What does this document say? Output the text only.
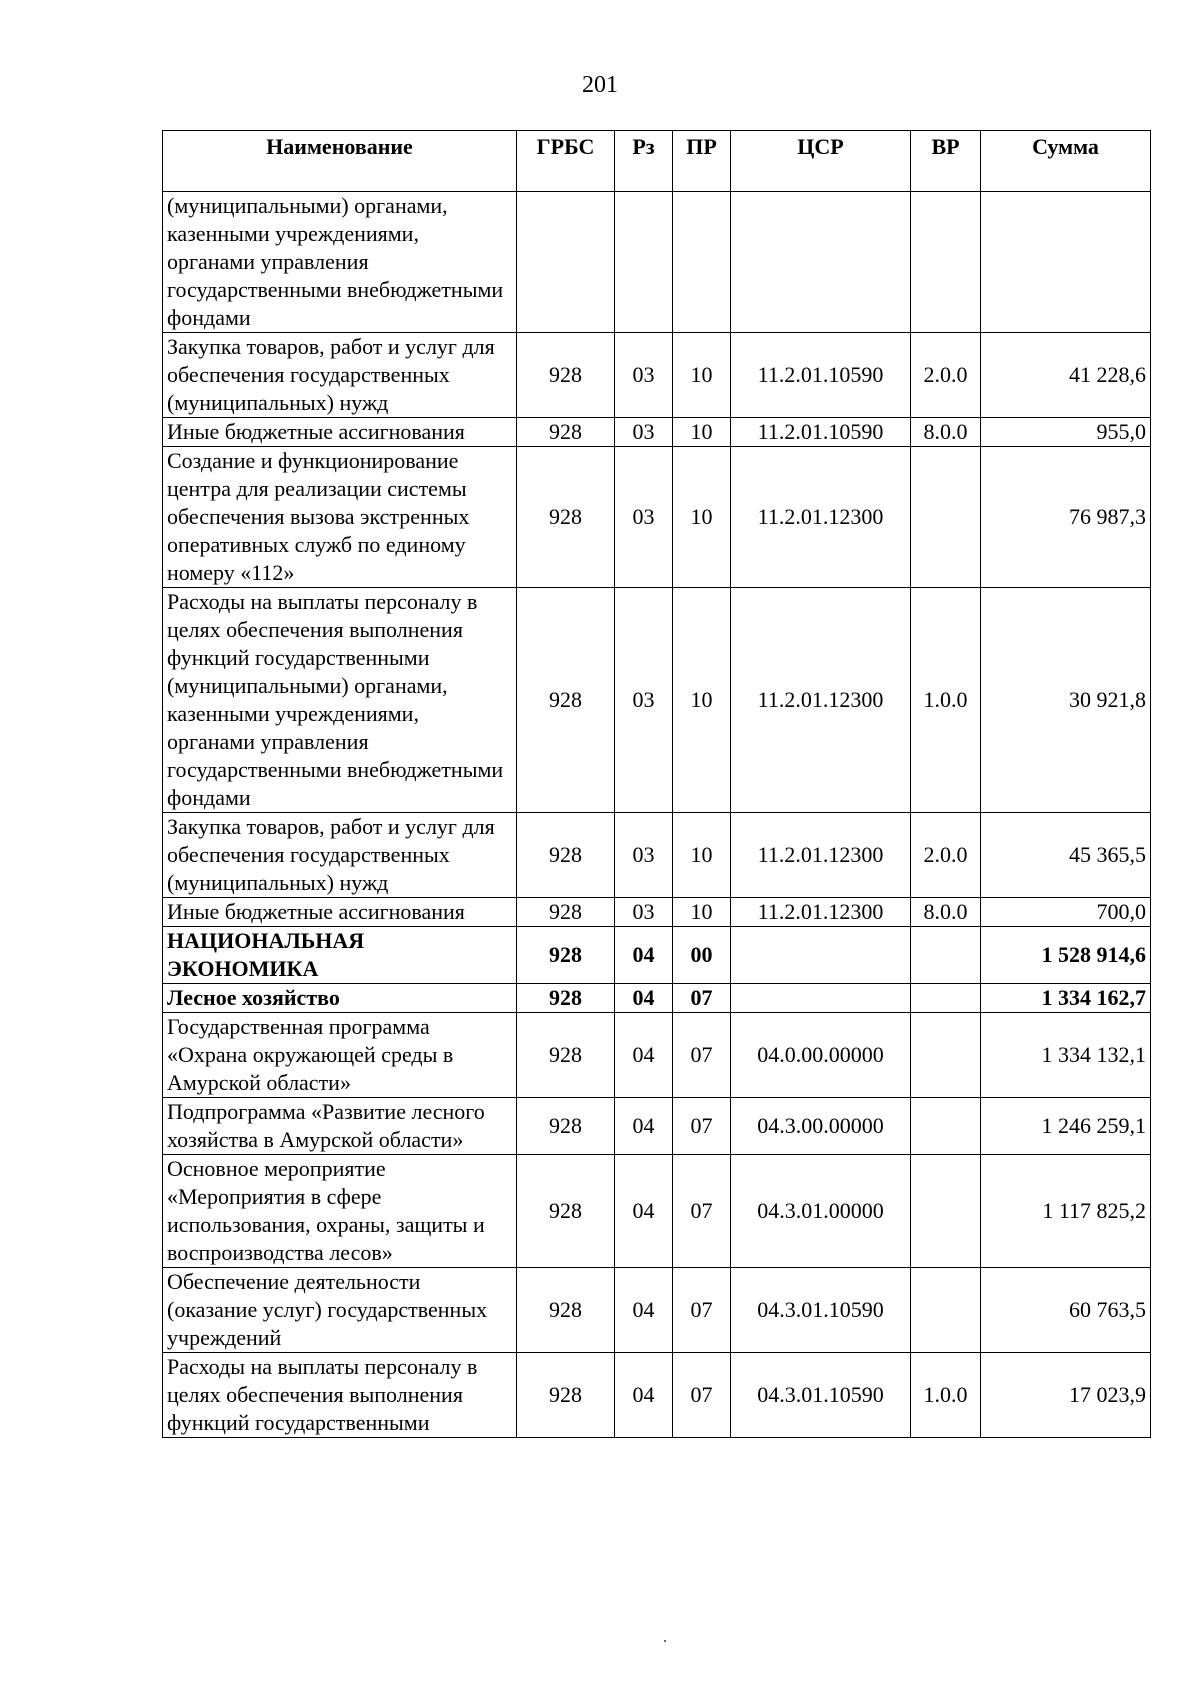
201
Наименование	ГРБС	Рз	ПР	ЦСР	ВР	Сумма
(муниципальными) органами, казенными учреждениями, органами управления государственными внебюджетными фондами						
Закупка товаров, работ и услуг для обеспечения государственных (муниципальных) нужд	928	03	10	11.2.01.10590	2.0.0	41 228,6
Иные бюджетные ассигнования	928	03	10	11.2.01.10590	8.0.0	955,0
Создание и функционирование центра для реализации системы обеспечения вызова экстренных оперативных служб по единому номеру «112»	928	03	10	11.2.01.12300		76 987,3
Расходы на выплаты персоналу в целях обеспечения выполнения функций государственными (муниципальными) органами, казенными учреждениями, органами управления государственными внебюджетными фондами	928	03	10	11.2.01.12300	1.0.0	30 921,8
Закупка товаров, работ и услуг для обеспечения государственных (муниципальных) нужд	928	03	10	11.2.01.12300	2.0.0	45 365,5
Иные бюджетные ассигнования	928	03	10	11.2.01.12300	8.0.0	700,0
НАЦИОНАЛЬНАЯ ЭКОНОМИКА	928	04	00			1 528 914,6
Лесное хозяйство	928	04	07			1 334 162,7
Государственная программа «Охрана окружающей среды в Амурской области»	928	04	07	04.0.00.00000		1 334 132,1
Подпрограмма «Развитие лесного хозяйства в Амурской области»	928	04	07	04.3.00.00000		1 246 259,1
Основное мероприятие «Мероприятия в сфере использования, охраны, защиты и воспроизводства лесов»	928	04	07	04.3.01.00000		1 117 825,2
Обеспечение деятельности (оказание услуг) государственных учреждений	928	04	07	04.3.01.10590		60 763,5
Расходы на выплаты персоналу в целях обеспечения выполнения функций государственными	928	04	07	04.3.01.10590	1.0.0	17 023,9
